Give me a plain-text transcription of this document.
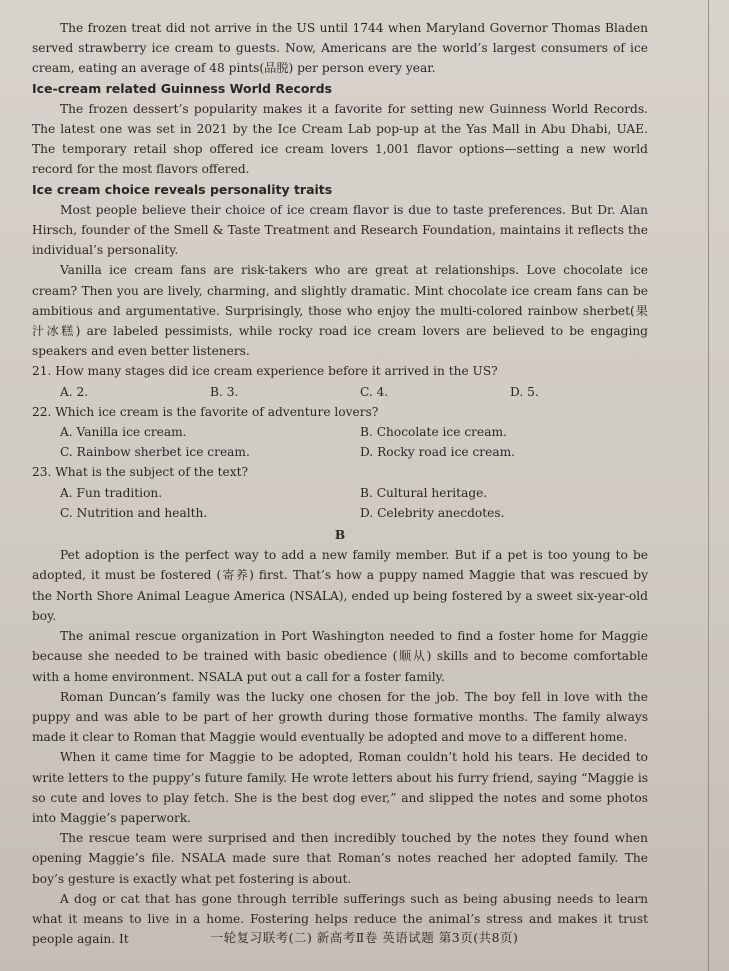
The frozen treat did not arrive in the US until 1744 when Maryland Governor Thomas Bladen served strawberry ice cream to guests. Now, Americans are the world’s largest consumers of ice cream, eating an average of 48 pints(品脱) per person every year.

Ice-cream related Guinness World Records

The frozen dessert’s popularity makes it a favorite for setting new Guinness World Records. The latest one was set in 2021 by the Ice Cream Lab pop-up at the Yas Mall in Abu Dhabi, UAE. The temporary retail shop offered ice cream lovers 1,001 flavor options—setting a new world record for the most flavors offered.

Ice cream choice reveals personality traits

Most people believe their choice of ice cream flavor is due to taste preferences. But Dr. Alan Hirsch, founder of the Smell & Taste Treatment and Research Foundation, maintains it reflects the individual’s personality.

Vanilla ice cream fans are risk-takers who are great at relationships. Love chocolate ice cream? Then you are lively, charming, and slightly dramatic. Mint chocolate ice cream fans can be ambitious and argumentative. Surprisingly, those who enjoy the multi-colored rainbow sherbet(果汁冰糕) are labeled pessimists, while rocky road ice cream lovers are believed to be engaging speakers and even better listeners.

21. How many stages did ice cream experience before it arrived in the US?

A. 2.	B. 3.	C. 4.	D. 5.

22. Which ice cream is the favorite of adventure lovers?

A. Vanilla ice cream.	B. Chocolate ice cream.
C. Rainbow sherbet ice cream.	D. Rocky road ice cream.

23. What is the subject of the text?

A. Fun tradition.	B. Cultural heritage.
C. Nutrition and health.	D. Celebrity anecdotes.

B

Pet adoption is the perfect way to add a new family member. But if a pet is too young to be adopted, it must be fostered (寄养) first. That’s how a puppy named Maggie that was rescued by the North Shore Animal League America (NSALA), ended up being fostered by a sweet six-year-old boy.

The animal rescue organization in Port Washington needed to find a foster home for Maggie because she needed to be trained with basic obedience (顺从) skills and to become comfortable with a home environment. NSALA put out a call for a foster family.

Roman Duncan’s family was the lucky one chosen for the job. The boy fell in love with the puppy and was able to be part of her growth during those formative months. The family always made it clear to Roman that Maggie would eventually be adopted and move to a different home.

When it came time for Maggie to be adopted, Roman couldn’t hold his tears. He decided to write letters to the puppy’s future family. He wrote letters about his furry friend, saying “Maggie is so cute and loves to play fetch. She is the best dog ever,” and slipped the notes and some photos into Maggie’s paperwork.

The rescue team were surprised and then incredibly touched by the notes they found when opening Maggie’s file. NSALA made sure that Roman’s notes reached her adopted family. The boy’s gesture is exactly what pet fostering is about.

A dog or cat that has gone through terrible sufferings such as being abusing needs to learn what it means to live in a home. Fostering helps reduce the animal’s stress and makes it trust people again. It	一轮复习联考(二) 新高考Ⅱ卷 英语试题 第3页(共8页)
